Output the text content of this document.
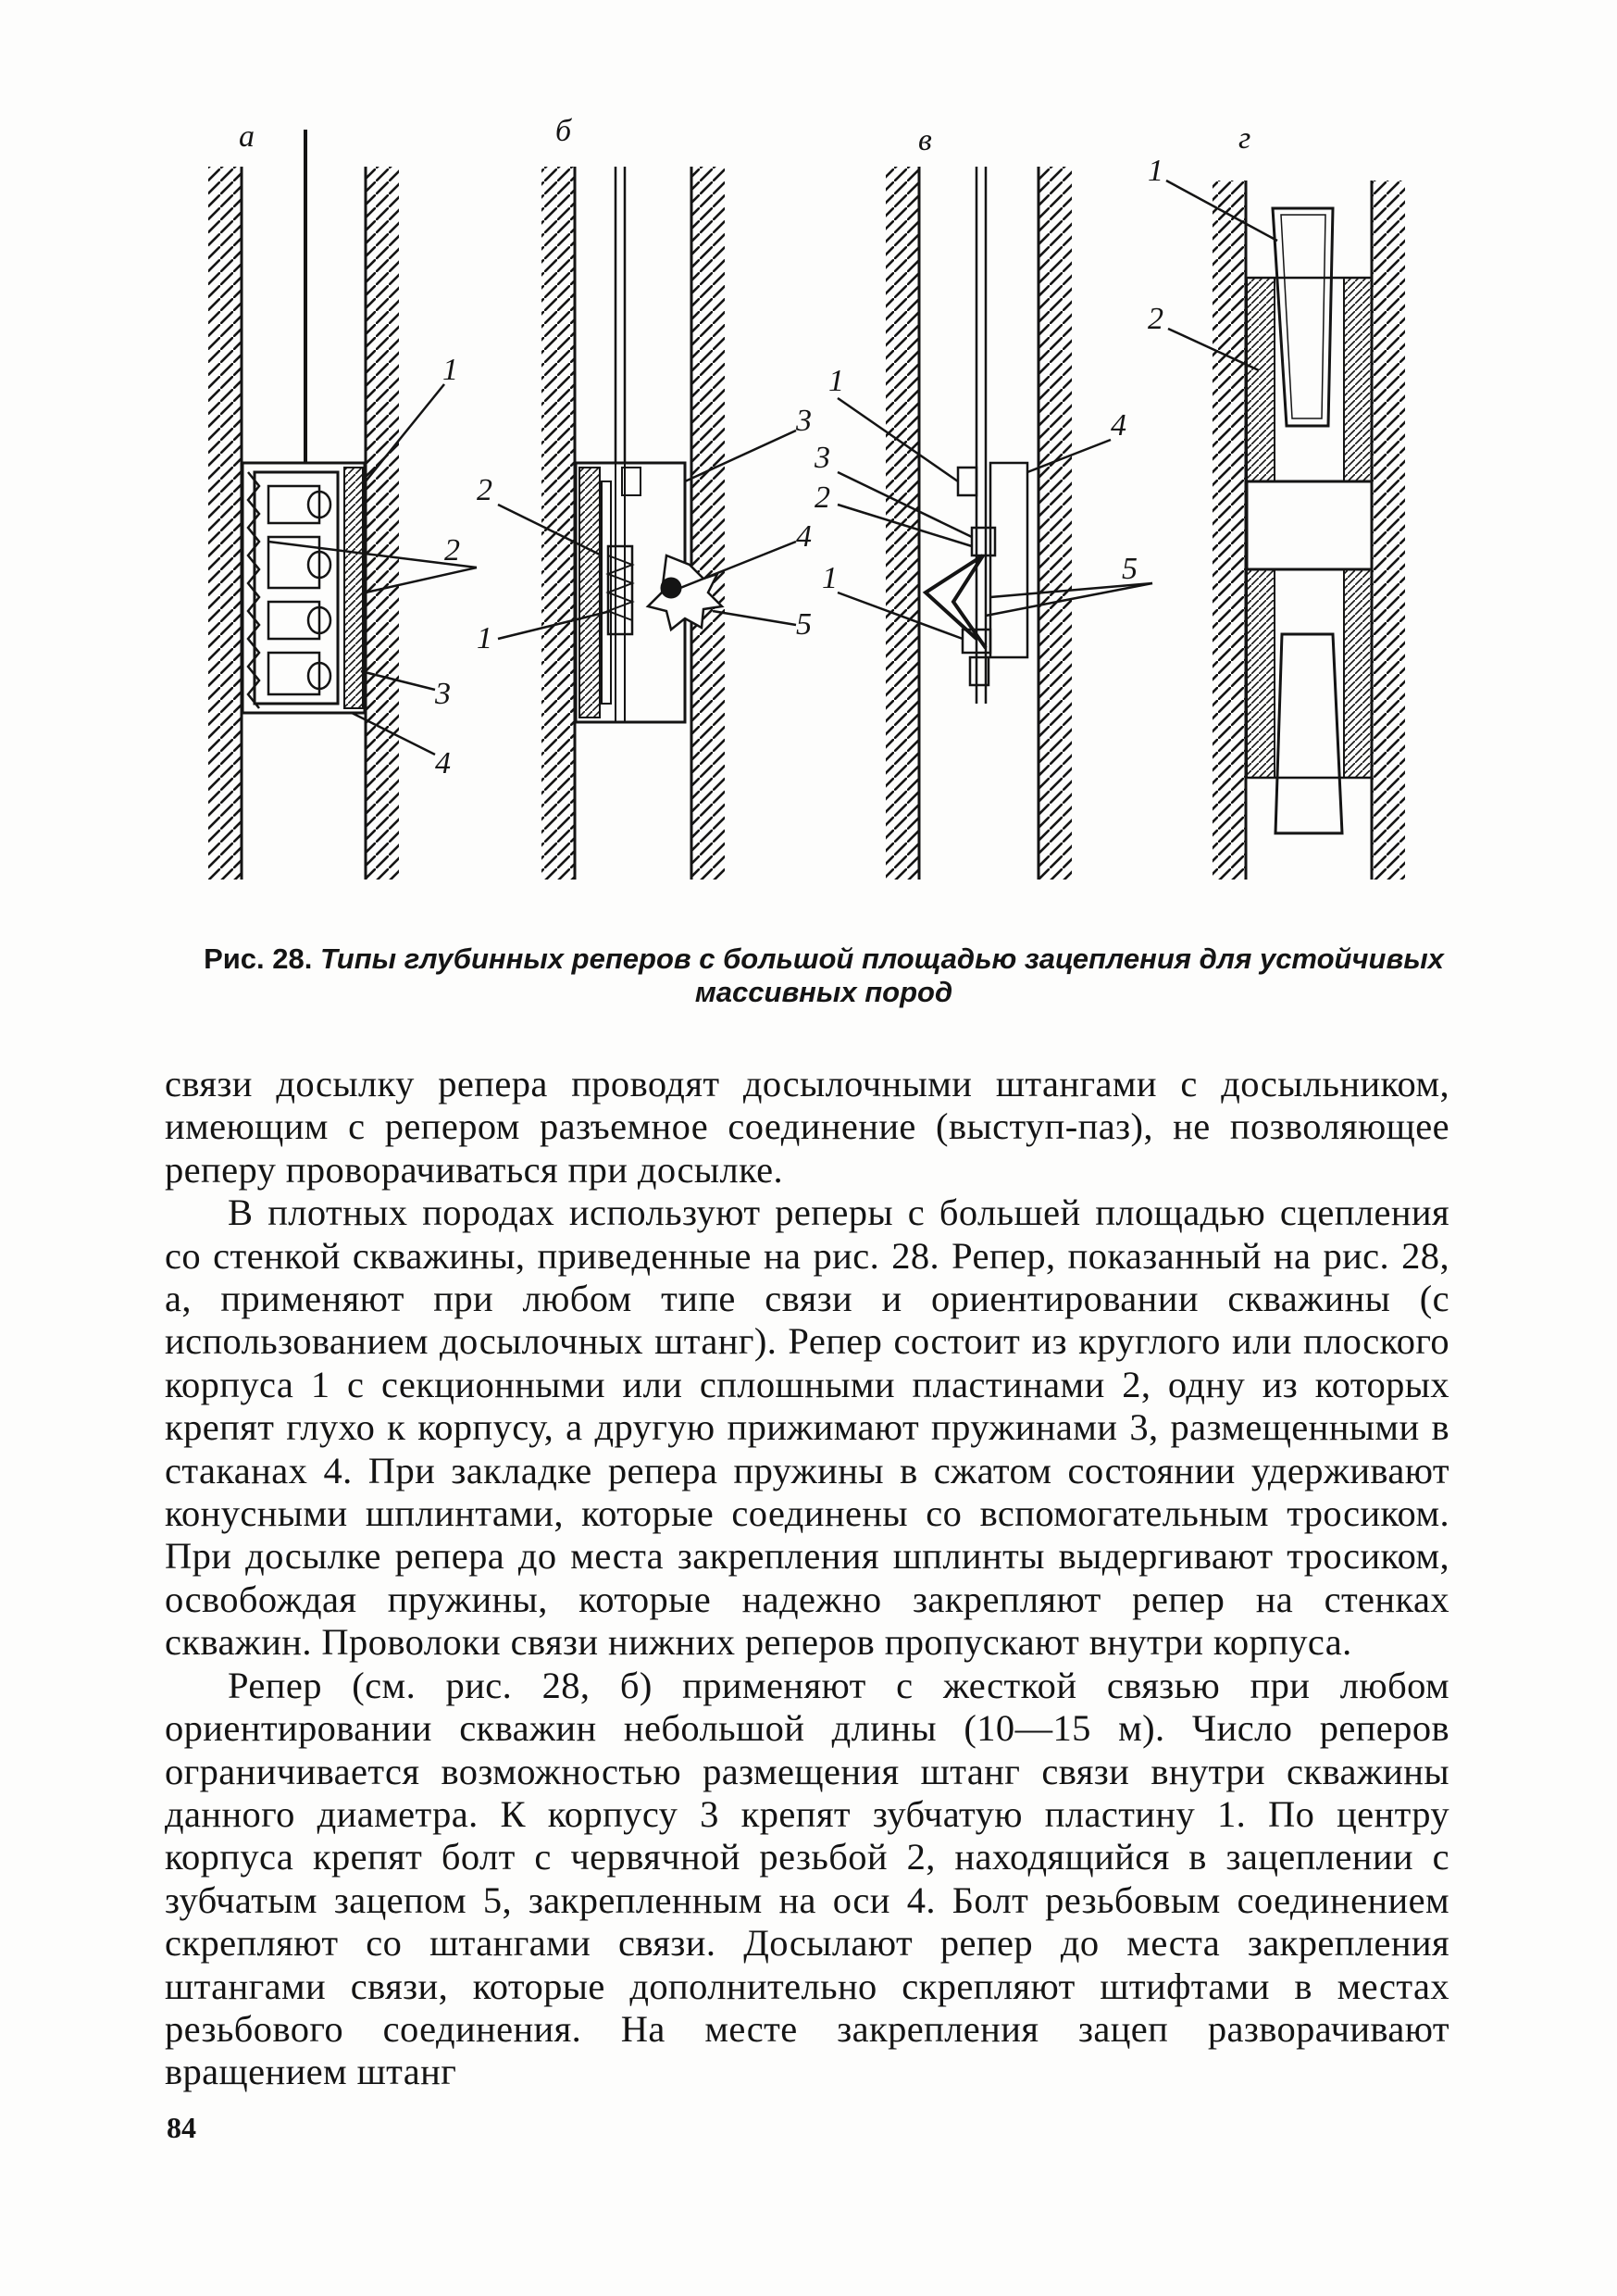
а
1
2
3
4
б
3
2
4
1	5
в
1
4
3
2
5
1
г
1
2
Рис. 28. Типы глубинных реперов с большой площадью зацепления для устойчивых массивных пород

связи досылку репера проводят досылочными штангами с досыльником, имеющим с репером разъемное соединение (выступ-паз), не позволяющее реперу проворачиваться при досылке.

В плотных породах используют реперы с большей площадью сцепления со стенкой скважины, приведенные на рис. 28. Репер, показанный на рис. 28, а, применяют при любом типе связи и ориентировании скважины (с использованием досылочных штанг). Репер состоит из круглого или плоского корпуса 1 с секционными или сплошными пластинами 2, одну из которых крепят глухо к корпусу, а другую прижимают пружинами 3, размещенными в стаканах 4. При закладке репера пружины в сжатом состоянии удерживают конусными шплинтами, которые соединены со вспомогательным тросиком. При досылке репера до места закрепления шплинты выдергивают тросиком, освобождая пружины, которые надежно закрепляют репер на стенках скважин. Проволоки связи нижних реперов пропускают внутри корпуса.

Репер (см. рис. 28, б) применяют с жесткой связью при любом ориентировании скважин небольшой длины (10—15 м). Число реперов ограничивается возможностью размещения штанг связи внутри скважины данного диаметра. К корпусу 3 крепят зубчатую пластину 1. По центру корпуса крепят болт с червячной резьбой 2, находящийся в зацеплении с зубчатым зацепом 5, закрепленным на оси 4. Болт резьбовым соединением скрепляют со штангами связи. Досылают репер до места закрепления штангами связи, которые дополнительно скрепляют штифтами в местах резьбового соединения. На месте закрепления зацеп разворачивают вращением штанг

84
